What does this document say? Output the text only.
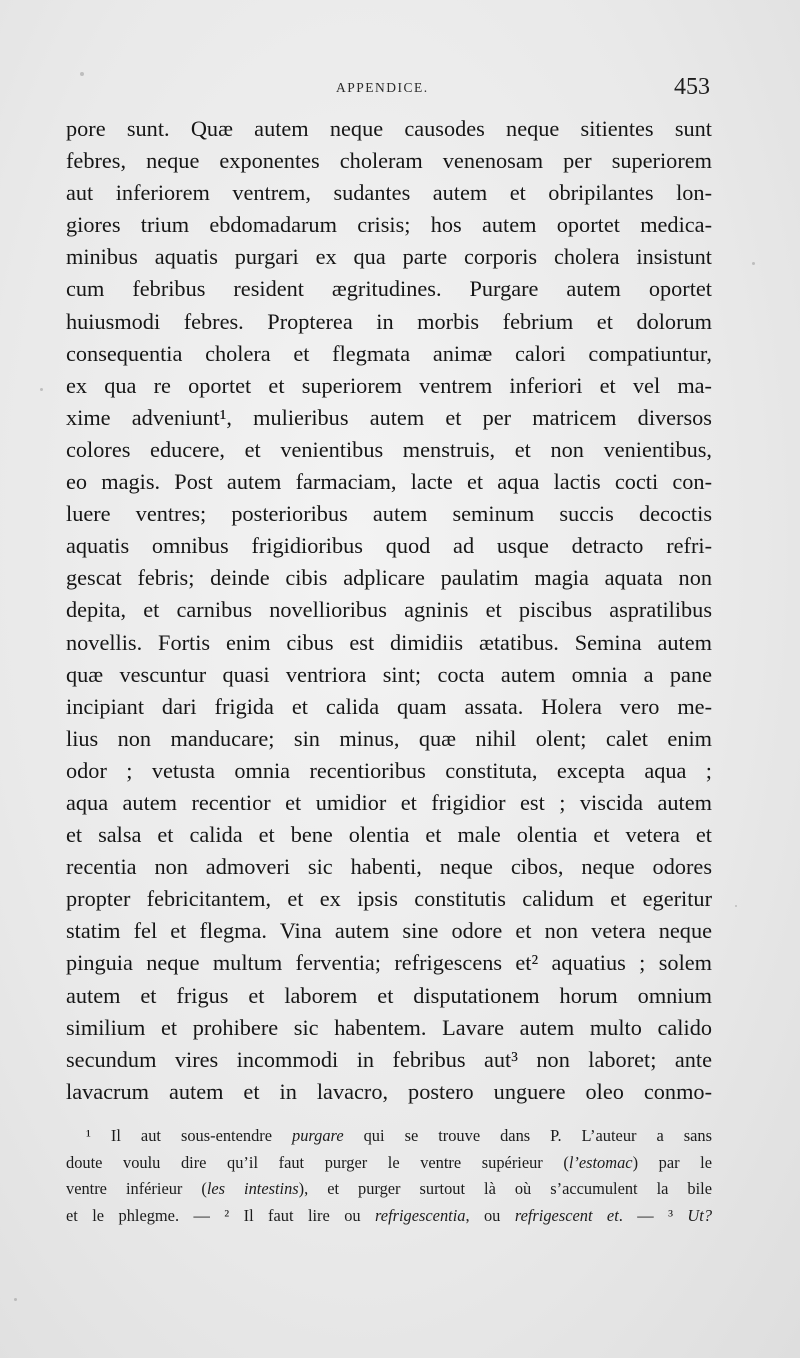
APPENDICE.	453
pore sunt. Quæ autem neque causodes neque sitientes sunt
febres, neque exponentes choleram venenosam per superiorem
aut inferiorem ventrem, sudantes autem et obripilantes lon-
giores trium ebdomadarum crisis; hos autem oportet medica-
minibus aquatis purgari ex qua parte corporis cholera insistunt
cum febribus resident ægritudines. Purgare autem oportet
huiusmodi febres. Propterea in morbis febrium et dolorum
consequentia cholera et flegmata animæ calori compatiuntur,
ex qua re oportet et superiorem ventrem inferiori et vel ma-
xime adveniunt¹, mulieribus autem et per matricem diversos
colores educere, et venientibus menstruis, et non venientibus,
eo magis. Post autem farmaciam, lacte et aqua lactis cocti con-
luere ventres; posterioribus autem seminum succis decoctis
aquatis omnibus frigidioribus quod ad usque detracto refri-
gescat febris; deinde cibis adplicare paulatim magia aquata non
depita, et carnibus novellioribus agninis et piscibus aspratilibus
novellis. Fortis enim cibus est dimidiis ætatibus. Semina autem
quæ vescuntur quasi ventriora sint; cocta autem omnia a pane
incipiant dari frigida et calida quam assata. Holera vero me-
lius non manducare; sin minus, quæ nihil olent; calet enim
odor ; vetusta omnia recentioribus constituta, excepta aqua ;
aqua autem recentior et umidior et frigidior est ; viscida autem
et salsa et calida et bene olentia et male olentia et vetera et
recentia non admoveri sic habenti, neque cibos, neque odores
propter febricitantem, et ex ipsis constitutis calidum et egeritur
statim fel et flegma. Vina autem sine odore et non vetera neque
pinguia neque multum ferventia; refrigescens et² aquatius ; solem
autem et frigus et laborem et disputationem horum omnium
similium et prohibere sic habentem. Lavare autem multo calido
secundum vires incommodi in febribus aut³ non laboret; ante
lavacrum autem et in lavacro, postero unguere oleo conmo-
¹ Il aut sous-entendre purgare qui se trouve dans P. L’auteur a sans
doute voulu dire qu’il faut purger le ventre supérieur (l’estomac) par le
ventre inférieur (les intestins), et purger surtout là où s’accumulent la bile
et le phlegme. — ² Il faut lire ou refrigescentia, ou refrigescent et. — ³ Ut?
